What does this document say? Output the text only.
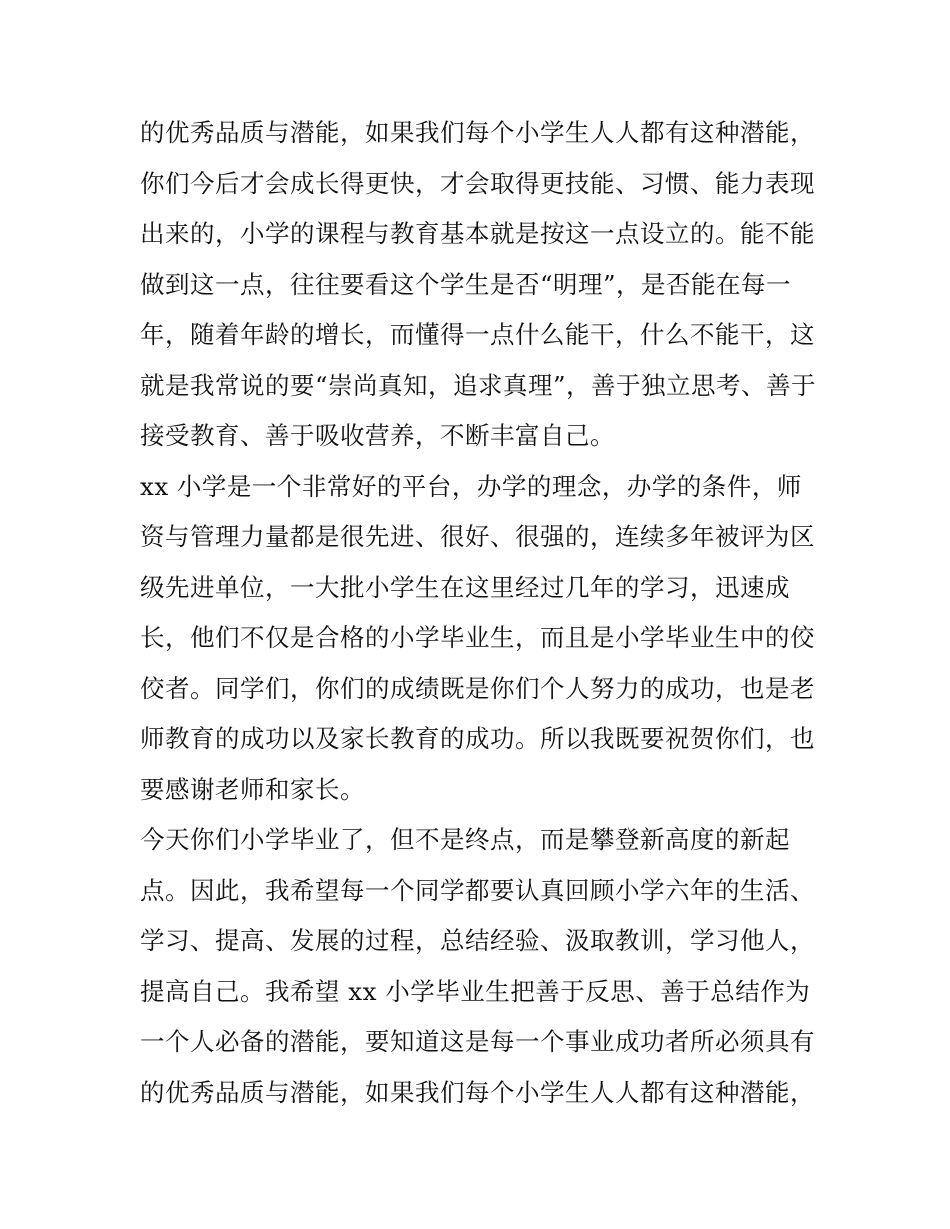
的优秀品质与潜能，如果我们每个小学生人人都有这种潜能，
你们今后才会成长得更快，才会取得更技能、习惯、能力表现
出来的，小学的课程与教育基本就是按这一点设立的。能不能
做到这一点，往往要看这个学生是否“明理”，是否能在每一
年，随着年龄的增长，而懂得一点什么能干，什么不能干，这
就是我常说的要“崇尚真知，追求真理”，善于独立思考、善于
接受教育、善于吸收营养，不断丰富自己。
xx 小学是一个非常好的平台，办学的理念，办学的条件，师
资与管理力量都是很先进、很好、很强的，连续多年被评为区
级先进单位，一大批小学生在这里经过几年的学习，迅速成
长，他们不仅是合格的小学毕业生，而且是小学毕业生中的佼
佼者。同学们，你们的成绩既是你们个人努力的成功，也是老
师教育的成功以及家长教育的成功。所以我既要祝贺你们，也
要感谢老师和家长。
今天你们小学毕业了，但不是终点，而是攀登新高度的新起
点。因此，我希望每一个同学都要认真回顾小学六年的生活、
学习、提高、发展的过程，总结经验、汲取教训，学习他人，
提高自己。我希望 xx 小学毕业生把善于反思、善于总结作为
一个人必备的潜能，要知道这是每一个事业成功者所必须具有
的优秀品质与潜能，如果我们每个小学生人人都有这种潜能，
